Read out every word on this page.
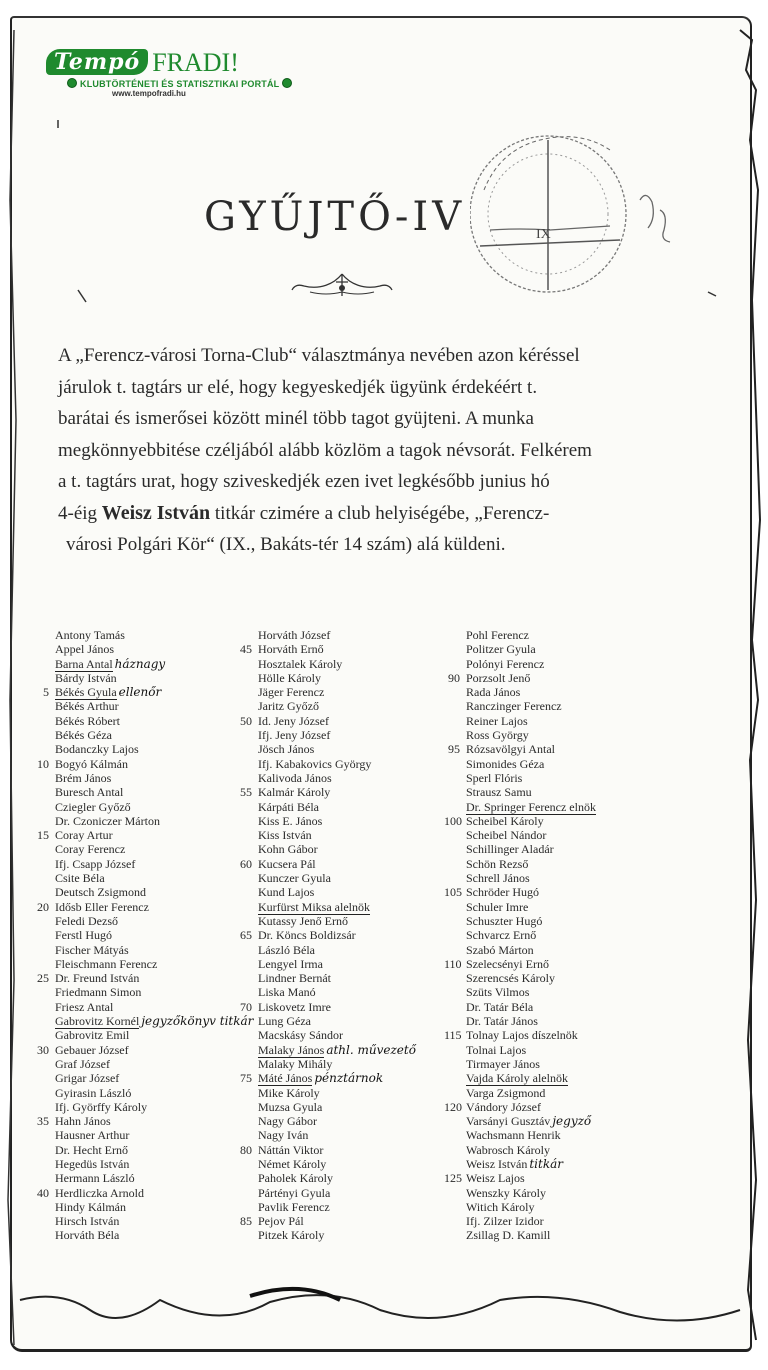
Tempó FRADI!
KLUBTÖRTÉNETI ÉS STATISZTIKAI PORTÁL
www.tempofradi.hu
IX
GYŰJTŐ-IV

A „Ferencz-városi Torna-Club“ választmánya nevében azon kéréssel

járulok t. tagtárs ur elé, hogy kegyeskedjék ügyünk érdekéért t.

barátai és ismerősei között minél több tagot gyüjteni. A munka

megkönnyebbitése czéljából alább közlöm a tagok névsorát. Felkérem

a t. tagtárs urat, hogy sziveskedjék ezen ivet legkésőbb junius hó

4-éig Weisz István titkár czimére a club helyiségébe, „Ferencz-

városi Polgári Kör“ (IX., Bakáts-tér 14 szám) alá küldeni.

Antony Tamás
Appel János
Barna Antal háznagy
Bárdy István
5 Békés Gyula ellenőr
Békés Arthur
Békés Róbert
Békés Géza
Bodanczky Lajos
10 Bogyó Kálmán
Brém János
Buresch Antal
Cziegler Győző
Dr. Czoniczer Márton
15 Coray Artur
Coray Ferencz
Ifj. Csapp József
Csite Béla
Deutsch Zsigmond
20 Idősb Eller Ferencz
Feledi Dezső
Ferstl Hugó
Fischer Mátyás
Fleischmann Ferencz
25 Dr. Freund István
Friedmann Simon
Friesz Antal
Gabrovitz Kornél jegyzőkönyv titkár
Gabrovitz Emil
30 Gebauer József
Graf József
Grigar József
Gyirasin László
Ifj. Györffy Károly
35 Hahn János
Hausner Arthur
Dr. Hecht Ernő
Hegedüs István
Hermann László
40 Herdliczka Arnold
Hindy Kálmán
Hirsch István
Horváth Béla
Horváth József
45 Horváth Ernő
Hosztalek Károly
Hölle Károly
Jäger Ferencz
Jaritz Győző
50 Id. Jeny József
Ifj. Jeny József
Jösch János
Ifj. Kabakovics György
Kalivoda János
55 Kalmár Károly
Kárpáti Béla
Kiss E. János
Kiss István
Kohn Gábor
60 Kucsera Pál
Kunczer Gyula
Kund Lajos
Kurfürst Miksa alelnök
Kutassy Jenő Ernő
65 Dr. Köncs Boldizsár
László Béla
Lengyel Irma
Lindner Bernát
Liska Manó
70 Liskovetz Imre
Lung Géza
Macskásy Sándor
Malaky János athl. művezető
Malaky Mihály
75 Máté János pénztárnok
Mike Károly
Muzsa Gyula
Nagy Gábor
Nagy Iván
80 Náttán Viktor
Német Károly
Paholek Károly
Pártényi Gyula
Pavlik Ferencz
85 Pejov Pál
Pitzek Károly
Pohl Ferencz
Politzer Gyula
Polónyi Ferencz
90 Porzsolt Jenő
Rada János
Ranczinger Ferencz
Reiner Lajos
Ross György
95 Rózsavölgyi Antal
Simonides Géza
Sperl Flóris
Strausz Samu
Dr. Springer Ferencz elnök
100 Scheibel Károly
Scheibel Nándor
Schillinger Aladár
Schön Rezső
Schrell János
105 Schröder Hugó
Schuler Imre
Schuszter Hugó
Schvarcz Ernő
Szabó Márton
110 Szelecsényi Ernő
Szerencsés Károly
Szüts Vilmos
Dr. Tatár Béla
Dr. Tatár János
115 Tolnay Lajos díszelnök
Tolnai Lajos
Tirmayer János
Vajda Károly alelnök
Varga Zsigmond
120 Vándory József
Varsányi Gusztáv jegyző
Wachsmann Henrik
Wabrosch Károly
Weisz István titkár
125 Weisz Lajos
Wenszky Károly
Witich Károly
Ifj. Zilzer Izidor
Zsillag D. Kamill
